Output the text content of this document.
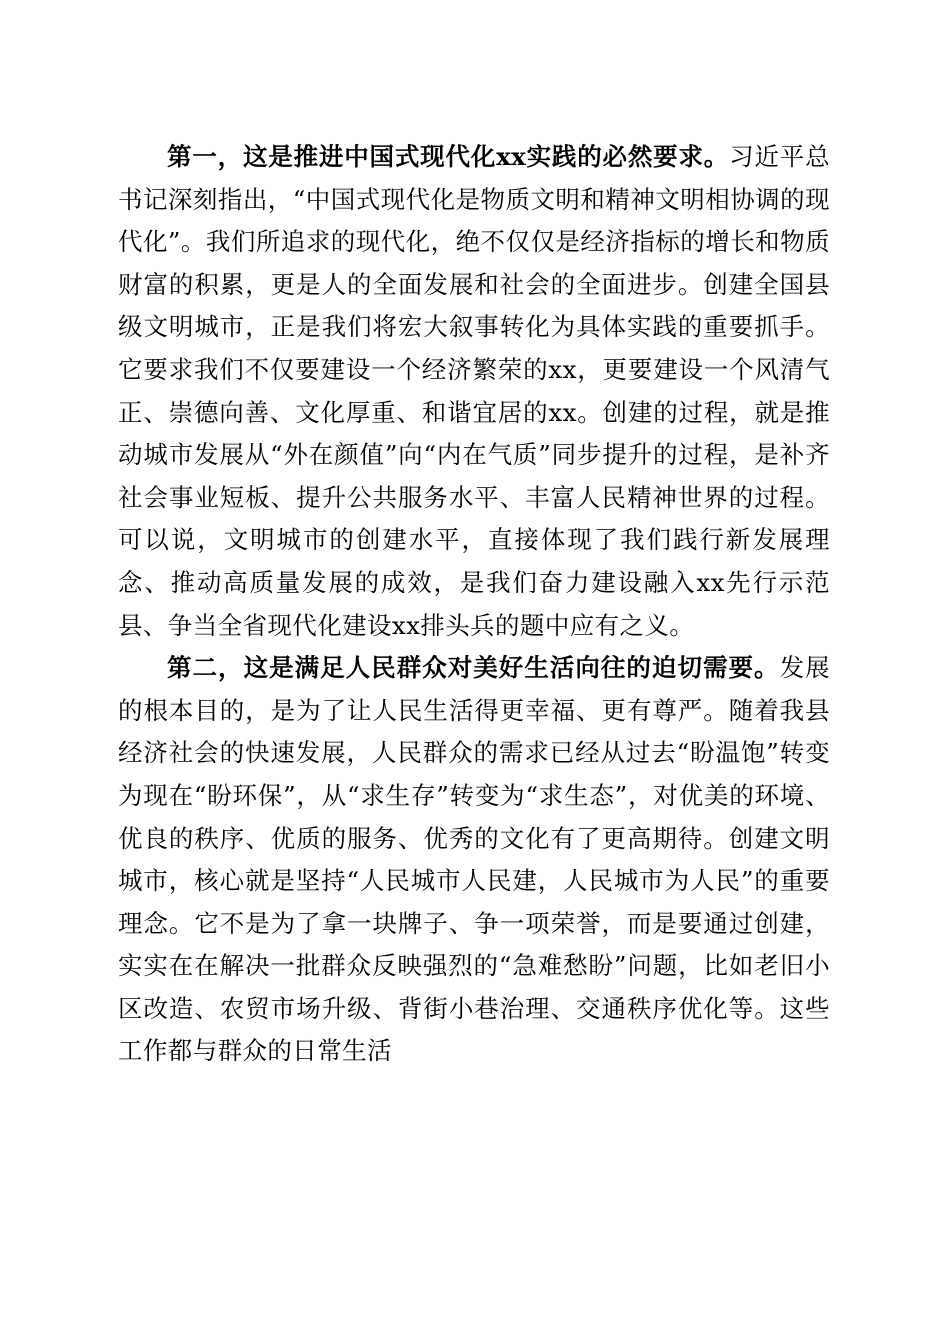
第一，这是推进中国式现代化xx实践的必然要求。习近平总书记深刻指出，“中国式现代化是物质文明和精神文明相协调的现代化”。我们所追求的现代化，绝不仅仅是经济指标的增长和物质财富的积累，更是人的全面发展和社会的全面进步。创建全国县级文明城市，正是我们将宏大叙事转化为具体实践的重要抓手。它要求我们不仅要建设一个经济繁荣的xx，更要建设一个风清气正、崇德向善、文化厚重、和谐宜居的xx。创建的过程，就是推动城市发展从“外在颜值”向“内在气质”同步提升的过程，是补齐社会事业短板、提升公共服务水平、丰富人民精神世界的过程。可以说，文明城市的创建水平，直接体现了我们践行新发展理念、推动高质量发展的成效，是我们奋力建设融入xx先行示范县、争当全省现代化建设xx排头兵的题中应有之义。

第二，这是满足人民群众对美好生活向往的迫切需要。发展的根本目的，是为了让人民生活得更幸福、更有尊严。随着我县经济社会的快速发展，人民群众的需求已经从过去“盼温饱”转变为现在“盼环保”，从“求生存”转变为“求生态”，对优美的环境、优良的秩序、优质的服务、优秀的文化有了更高期待。创建文明城市，核心就是坚持“人民城市人民建，人民城市为人民”的重要理念。它不是为了拿一块牌子、争一项荣誉，而是要通过创建，实实在在解决一批群众反映强烈的“急难愁盼”问题，比如老旧小区改造、农贸市场升级、背街小巷治理、交通秩序优化等。这些工作都与群众的日常生活
